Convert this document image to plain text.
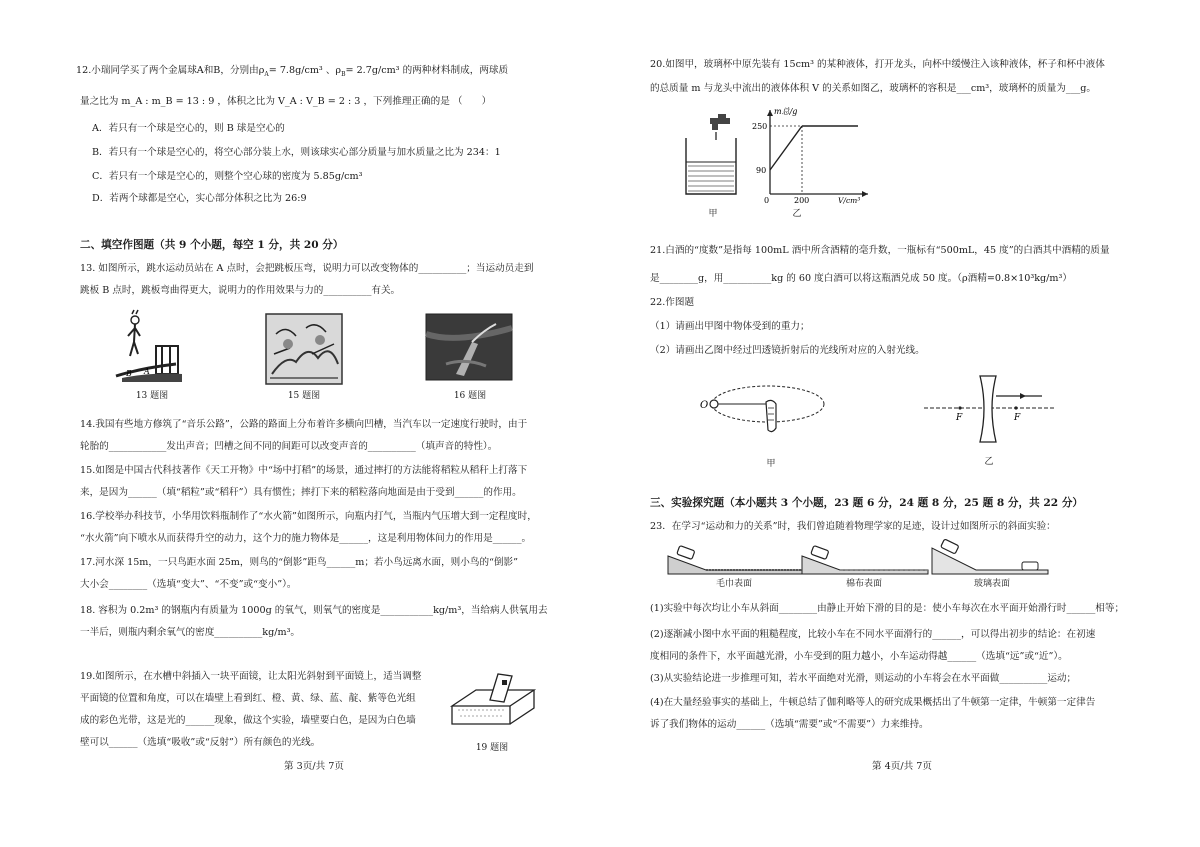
12.小瑞同学买了两个金属球A和B，分别由$\rho_A= 7.8g/cm^3$ 、$\rho_B= 2.7g/cm^3$ 的两种材料制成，两球质
量之比为 m_A : m_B = 13 : 9 ，体积之比为 V_A : V_B = 2 : 3 ，下列推理正确的是 （　　）
A．若只有一个球是空心的，则 B 球是空心的
B．若只有一个球是空心的，将空心部分装上水，则该球实心部分质量与加水质量之比为 234：1
C．若只有一个球是空心的，则整个空心球的密度为 5.85g/cm³
D．若两个球都是空心，实心部分体积之比为 26:9
二、填空作图题（共 9 个小题，每空 1 分，共 20 分）
13. 如图所示，跳水运动员站在 A 点时，会把跳板压弯，说明力可以改变物体的__________；当运动员走到
跳板 B 点时，跳板弯曲得更大，说明力的作用效果与力的__________有关。
B A
13 题图	15 题图	16 题图
14.我国有些地方修筑了“音乐公路”，公路的路面上分布着许多横向凹槽，当汽车以一定速度行驶时，由于
轮胎的____________发出声音；凹槽之间不同的间距可以改变声音的__________（填声音的特性）。
15.如图是中国古代科技著作《天工开物》中“场中打稻”的场景，通过摔打的方法能将稻粒从稻秆上打落下
来，是因为______（填“稻粒”或“稻秆”）具有惯性；摔打下来的稻粒落向地面是由于受到______的作用。
16.学校举办科技节，小华用饮料瓶制作了“水火箭”如图所示，向瓶内打气，当瓶内气压增大到一定程度时，
“水火箭”向下喷水从而获得升空的动力，这个力的施力物体是______，这是利用物体间力的作用是______。
17.河水深 15m，一只鸟距水面 25m，则鸟的“倒影”距鸟______m；若小鸟远离水面，则小鸟的“倒影”
大小会________（选填“变大”、“不变”或“变小”）。
18. 容积为 0.2m³ 的钢瓶内有质量为 1000g 的氧气，则氧气的密度是___________kg/m³，当给病人供氧用去
一半后，则瓶内剩余氧气的密度__________kg/m³。
19.如图所示，在水槽中斜插入一块平面镜，让太阳光斜射到平面镜上，适当调整
平面镜的位置和角度，可以在墙壁上看到红、橙、黄、绿、蓝、靛、紫等色光组
成的彩色光带，这是光的______现象，做这个实验，墙壁要白色，是因为白色墙
壁可以______（选填“吸收”或“反射”）所有颜色的光线。	19 题图
第 3页/共 7页
20.如图甲，玻璃杯中原先装有 15cm³ 的某种液体，打开龙头，向杯中缓慢注入该种液体，杯子和杯中液体
的总质量 m 与龙头中流出的液体体积 V 的关系如图乙，玻璃杯的容积是___cm³，玻璃杯的质量为___g。
甲
m总/g
250
90
0	200	V/cm³
乙
21.白酒的“度数”是指每 100mL 酒中所含酒精的毫升数，一瓶标有“500mL，45 度”的白酒其中酒精的质量
是________g，用__________kg 的 60 度白酒可以将这瓶酒兑成 50 度。（ρ酒精=0.8×10³kg/m³）
22.作图题
（1）请画出甲图中物体受到的重力；
（2）请画出乙图中经过凹透镜折射后的光线所对应的入射光线。
O
甲
F	F
乙
三、实验探究题（本小题共 3 个小题，23 题 6 分，24 题 8 分，25 题 8 分，共 22 分）
23．在学习“运动和力的关系”时，我们曾追随着物理学家的足迹，设计过如图所示的斜面实验：
毛巾表面	棉布表面	玻璃表面
(1)实验中每次均让小车从斜面________由静止开始下滑的目的是：使小车每次在水平面开始滑行时______相等；
(2)逐渐减小图中水平面的粗糙程度，比较小车在不同水平面滑行的______，可以得出初步的结论：在初速
度相同的条件下，水平面越光滑，小车受到的阻力越小，小车运动得越______（选填“远”或“近”）。
(3)从实验结论进一步推理可知，若水平面绝对光滑，则运动的小车将会在水平面做__________运动；
(4)在大量经验事实的基础上，牛顿总结了伽利略等人的研究成果概括出了牛顿第一定律，牛顿第一定律告
诉了我们物体的运动______（选填“需要”或“不需要”）力来维持。
第 4页/共 7页
